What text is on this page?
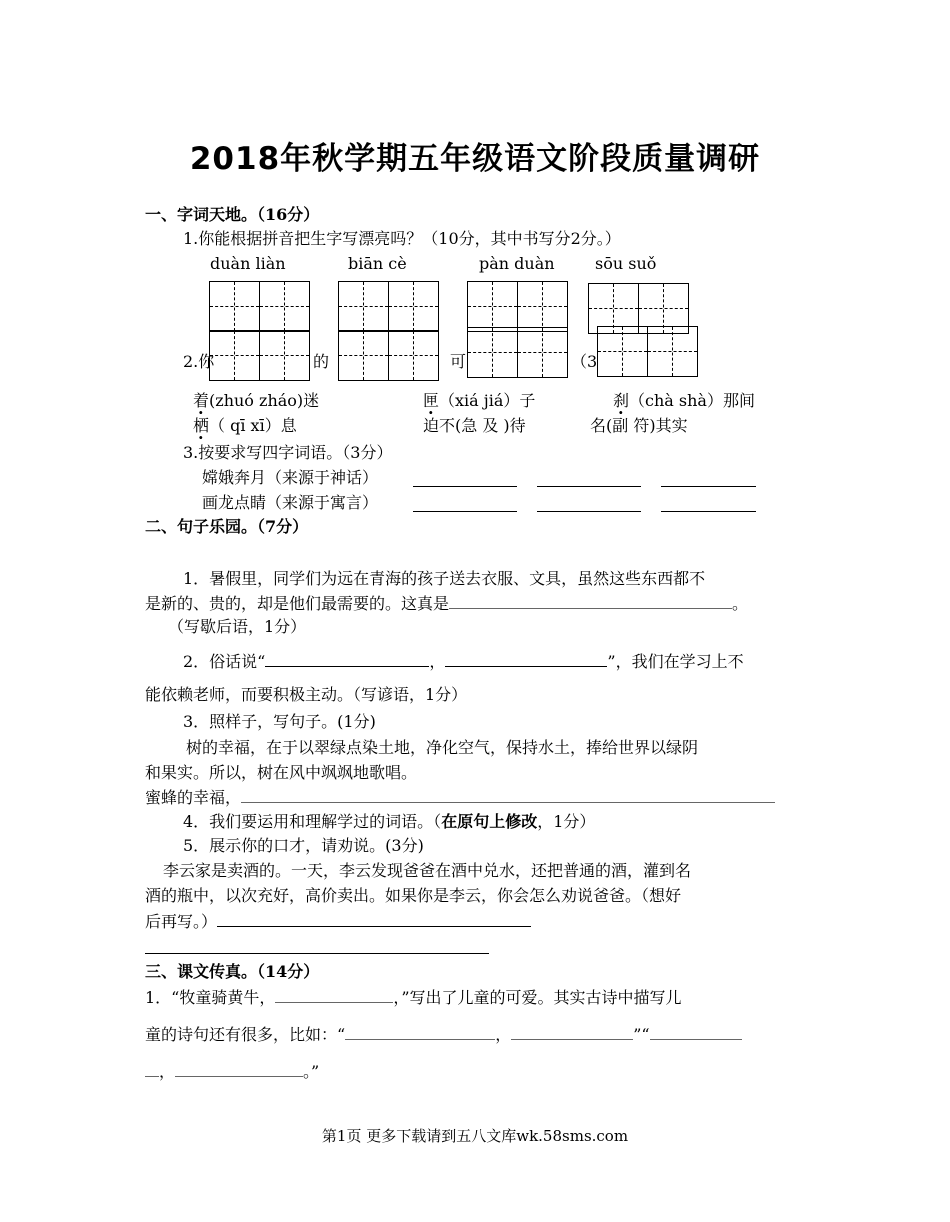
2018年秋学期五年级语文阶段质量调研
一、字词天地。（16分）
1.你能根据拼音把生字写漂亮吗？（10分，其中书写分2分。）
duàn liàn	biān cè	pàn duàn	sōu suǒ
2.你	的	可	（3
着(zhuó zháo)迷	匣（xiá jiá）子	刹（chà shà）那间
栖（ qī xī）息	迫不(急 及 )待	名(副 符)其实
3.按要求写四字词语。（3分）
嫦娥奔月（来源于神话）
画龙点睛（来源于寓言）
二、句子乐园。（7分）
1．暑假里，同学们为远在青海的孩子送去衣服、文具，虽然这些东西都不
是新的、贵的，却是他们最需要的。这真是	。
（写歇后语，1分）
2．俗话说“	，	”，我们在学习上不
能依赖老师，而要积极主动。（写谚语，1分）
3．照样子，写句子。(1分)
树的幸福，在于以翠绿点染土地，净化空气，保持水土，捧给世界以绿阴
和果实。所以，树在风中飒飒地歌唱。
蜜蜂的幸福，
4．我们要运用和理解学过的词语。（在原句上修改，1分）
5．展示你的口才，请劝说。(3分)
李云家是卖酒的。一天，李云发现爸爸在酒中兑水，还把普通的酒，灌到名
酒的瓶中，以次充好，高价卖出。如果你是李云，你会怎么劝说爸爸。（想好
后再写。）
三、课文传真。（14分）
1．“牧童骑黄牛，	，”写出了儿童的可爱。其实古诗中描写儿
童的诗句还有很多，比如：“	，	”“
，	。”
第1页 更多下载请到五八文库wk.58sms.com
